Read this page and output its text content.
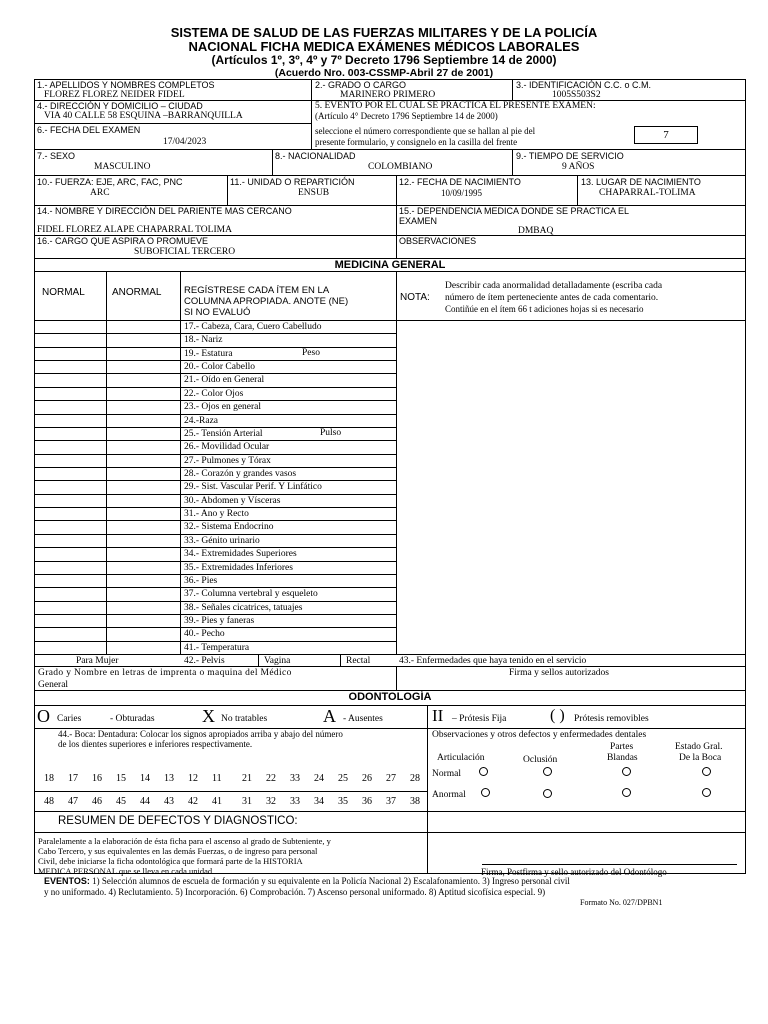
SISTEMA DE SALUD DE LAS FUERZAS MILITARES Y DE LA POLICÍA
NACIONAL FICHA MEDICA EXÁMENES MÉDICOS LABORALES
(Artículos 1º, 3º, 4º y 7º Decreto 1796 Septiembre 14 de 2000)
(Acuerdo Nro. 003-CSSMP-Abril 27 de 2001)
1.- APELLIDOS Y NOMBRES COMPLETOS
FLOREZ FLOREZ NEIDER FIDEL
2.- GRADO O CARGO
MARINERO PRIMERO
3.- IDENTIFICACIÓN C.C. o C.M.
1005S503S2
4.- DIRECCIÓN Y DOMICILIO – CIUDAD
VIA 40 CALLE 58 ESQUINA –BARRANQUILLA
5. EVENTO POR EL CUAL SE PRACTICA EL PRESENTE EXAMEN:
(Artículo 4° Decreto 1796 Septiembre 14 de 2000)
seleccione el número correspondiente que se hallan al pie del
presente formulario, y consignelo en la casilla del frente
7
6.- FECHA DEL EXAMEN
17/04/2023
7.- SEXO
MASCULINO
8.- NACIONALIDAD
COLOMBIANO
9.- TIEMPO DE SERVICIO
9 AÑOS
10.- FUERZA: EJE, ARC, FAC, PNC
ARC
11.- UNIDAD O REPARTICIÓN
ENSUB
12.- FECHA DE NACIMIENTO
10/09/1995
13. LUGAR DE NACIMIENTO
CHAPARRAL-TOLIMA
14.- NOMBRE Y DIRECCIÓN DEL PARIENTE MAS CERCANO
FIDEL FLOREZ ALAPE CHAPARRAL TOLIMA
15.- DEPENDENCIA MEDICA DONDE SE PRACTICA EL
EXAMEN
DMBAQ
16.- CARGO QUE ASPIRA O PROMUEVE
SUBOFICIAL TERCERO
OBSERVACIONES
MEDICINA GENERAL
NORMAL	ANORMAL REGÍSTRESE CADA ÍTEM EN LA
COLUMNA APROPIADA. ANOTE (NE)
SI NO EVALUÓ
NOTA:
Describir cada anormalidad detalladamente (escriba cada
número de ítem perteneciente antes de cada comentario.
Contiñúe en el ítem 66 t adiciones hojas si es necesario
17.- Cabeza, Cara, Cuero Cabelludo
18.- Nariz
19.- Estatura
20.- Color Cabello
21.- Oído en General
22.- Color Ojos
23.- Ojos en general
24.-Raza
25.- Tensión Arterial
26.- Movilidad Ocular
27.- Pulmones y Tórax
28.- Corazón y grandes vasos
29.- Sist. Vascular Perif. Y Linfático
30.- Abdomen y Vísceras
31.- Ano y Recto
32.- Sistema Endocrino
33.- Génito urinario
34.- Extremidades Superiores
35.- Extremidades Inferiores
36.- Pies
37.- Columna vertebral y esqueleto
38.- Señales cicatrices, tatuajes
39.- Pies y faneras
40.- Pecho
41.- Temperatura
Peso
Pulso
Para Mujer	42.- Pelvis	Vagina	Rectal	43.- Enfermedades que haya tenido en el servicio
Grado y Nombre en letras de imprenta o maquina del Médico
General
Firma y sellos autorizados
ODONTOLOGÍA
O Caries	- Obturadas	X No tratables	A - Ausentes	II – Prótesis Fija	( ) Prótesis removibles
44.- Boca: Dentadura: Colocar los signos apropiados arriba y abajo del número
de los dientes superiores e inferiores respectivamente.
18 17 16 15 14 13 12 11 21 22 33 24 25 26 27 28
48 47 46 45 44 43 42 41 31 32 33 34 35 36 37 38
Observaciones y otros defectos y enfermedades dentales
Articulación	Oclusión
Partes
Blandas
Estado Gral.
De la Boca
Normal
Anormal
RESUMEN DE DEFECTOS Y DIAGNOSTICO:
Paralelamente a la elaboración de ésta ficha para el ascenso al grado de Subteniente, y
Cabo Tercero, y sus equivalentes en las demás Fuerzas, o de ingreso para personal
Civil, debe iniciarse la ficha odontológica que formará parte de la HISTORIA
MEDICA PERSONAL que se lleva en cada unidad.	Firma, Postfirma y sello autorizado del Odontólogo
EVENTOS: 1) Selección alumnos de escuela de formación y su equivalente en la Policía Nacional 2) Escalafonamiento. 3) Ingreso personal civil
y no uniformado. 4) Reclutamiento. 5) Incorporación. 6) Comprobación. 7) Ascenso personal uniformado. 8) Aptitud sicofísica especial. 9)
Formato No. 027/DPBN1
